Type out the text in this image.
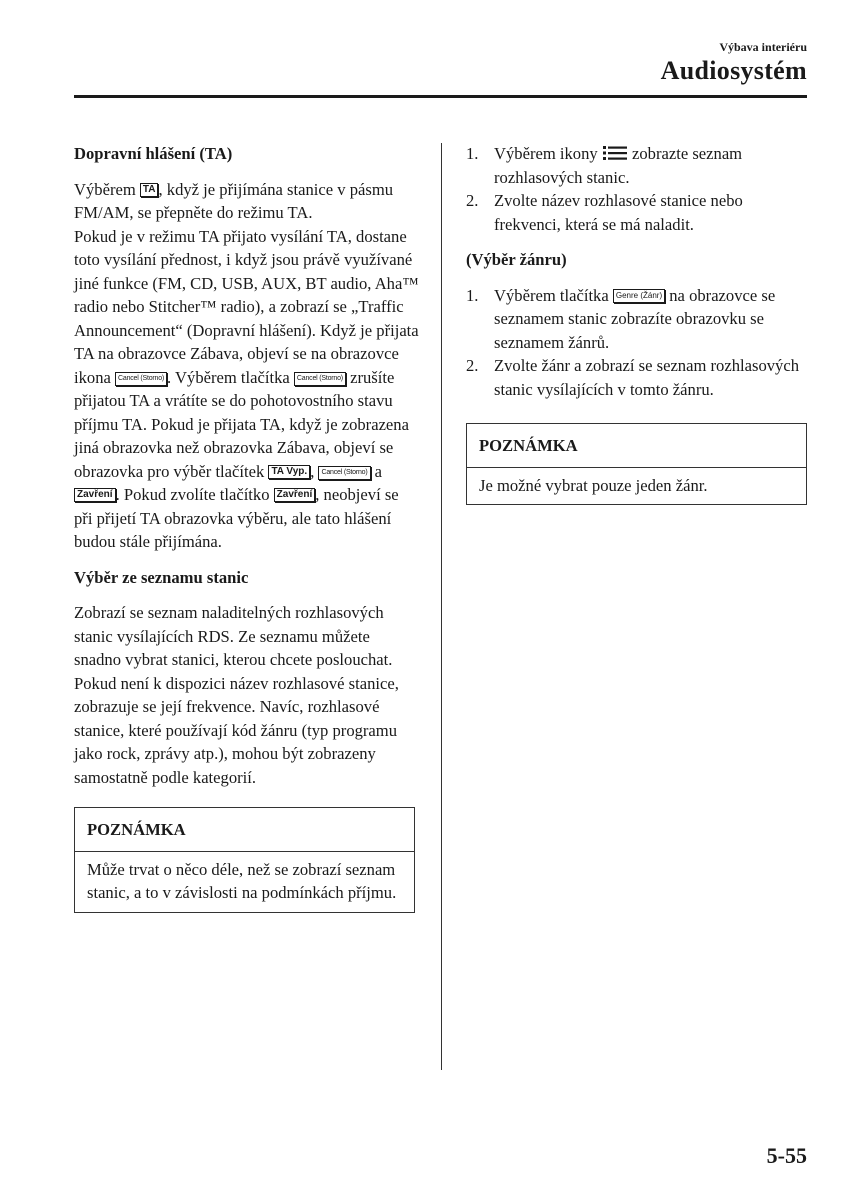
Výbava interiéru
Audiosystém
Dopravní hlášení (TA)

Výběrem TA , když je přijímána stanice v pásmu FM/AM, se přepněte do režimu TA.

Pokud je v režimu TA přijato vysílání TA, dostane toto vysílání přednost, i když jsou právě využívané jiné funkce (FM, CD, USB, AUX, BT audio, Aha™ radio nebo Stitcher™ radio), a zobrazí se „Traffic Announcement“ (Dopravní hlášení). Když je přijata TA na obrazovce Zábava, objeví se na obrazovce ikona Cancel (Storno) . Výběrem tlačítka Cancel (Storno) zrušíte přijatou TA a vrátíte se do pohotovostního stavu příjmu TA. Pokud je přijata TA, když je zobrazena jiná obrazovka než obrazovka Zábava, objeví se obrazovka pro výběr tlačítek TA Vyp. , Cancel (Storno) a Zavření . Pokud zvolíte tlačítko Zavření , neobjeví se při přijetí TA obrazovka výběru, ale tato hlášení budou stále přijímána.

Výběr ze seznamu stanic

Zobrazí se seznam naladitelných rozhlasových stanic vysílajících RDS. Ze seznamu můžete snadno vybrat stanici, kterou chcete poslouchat. Pokud není k dispozici název rozhlasové stanice, zobrazuje se její frekvence. Navíc, rozhlasové stanice, které používají kód žánru (typ programu jako rock, zprávy atp.), mohou být zobrazeny samostatně podle kategorií.

POZNÁMKA
Může trvat o něco déle, než se zobrazí seznam stanic, a to v závislosti na podmínkách příjmu.
1. Výběrem ikony  zobrazte seznam rozhlasových stanic.
2. Zvolte název rozhlasové stanice nebo frekvenci, která se má naladit.
(Výběr žánru)
1. Výběrem tlačítka Genre (Žánr) na obrazovce se seznamem stanic zobrazíte obrazovku se seznamem žánrů.
2. Zvolte žánr a zobrazí se seznam rozhlasových stanic vysílajících v tomto žánru.
POZNÁMKA
Je možné vybrat pouze jeden žánr.
5-55
